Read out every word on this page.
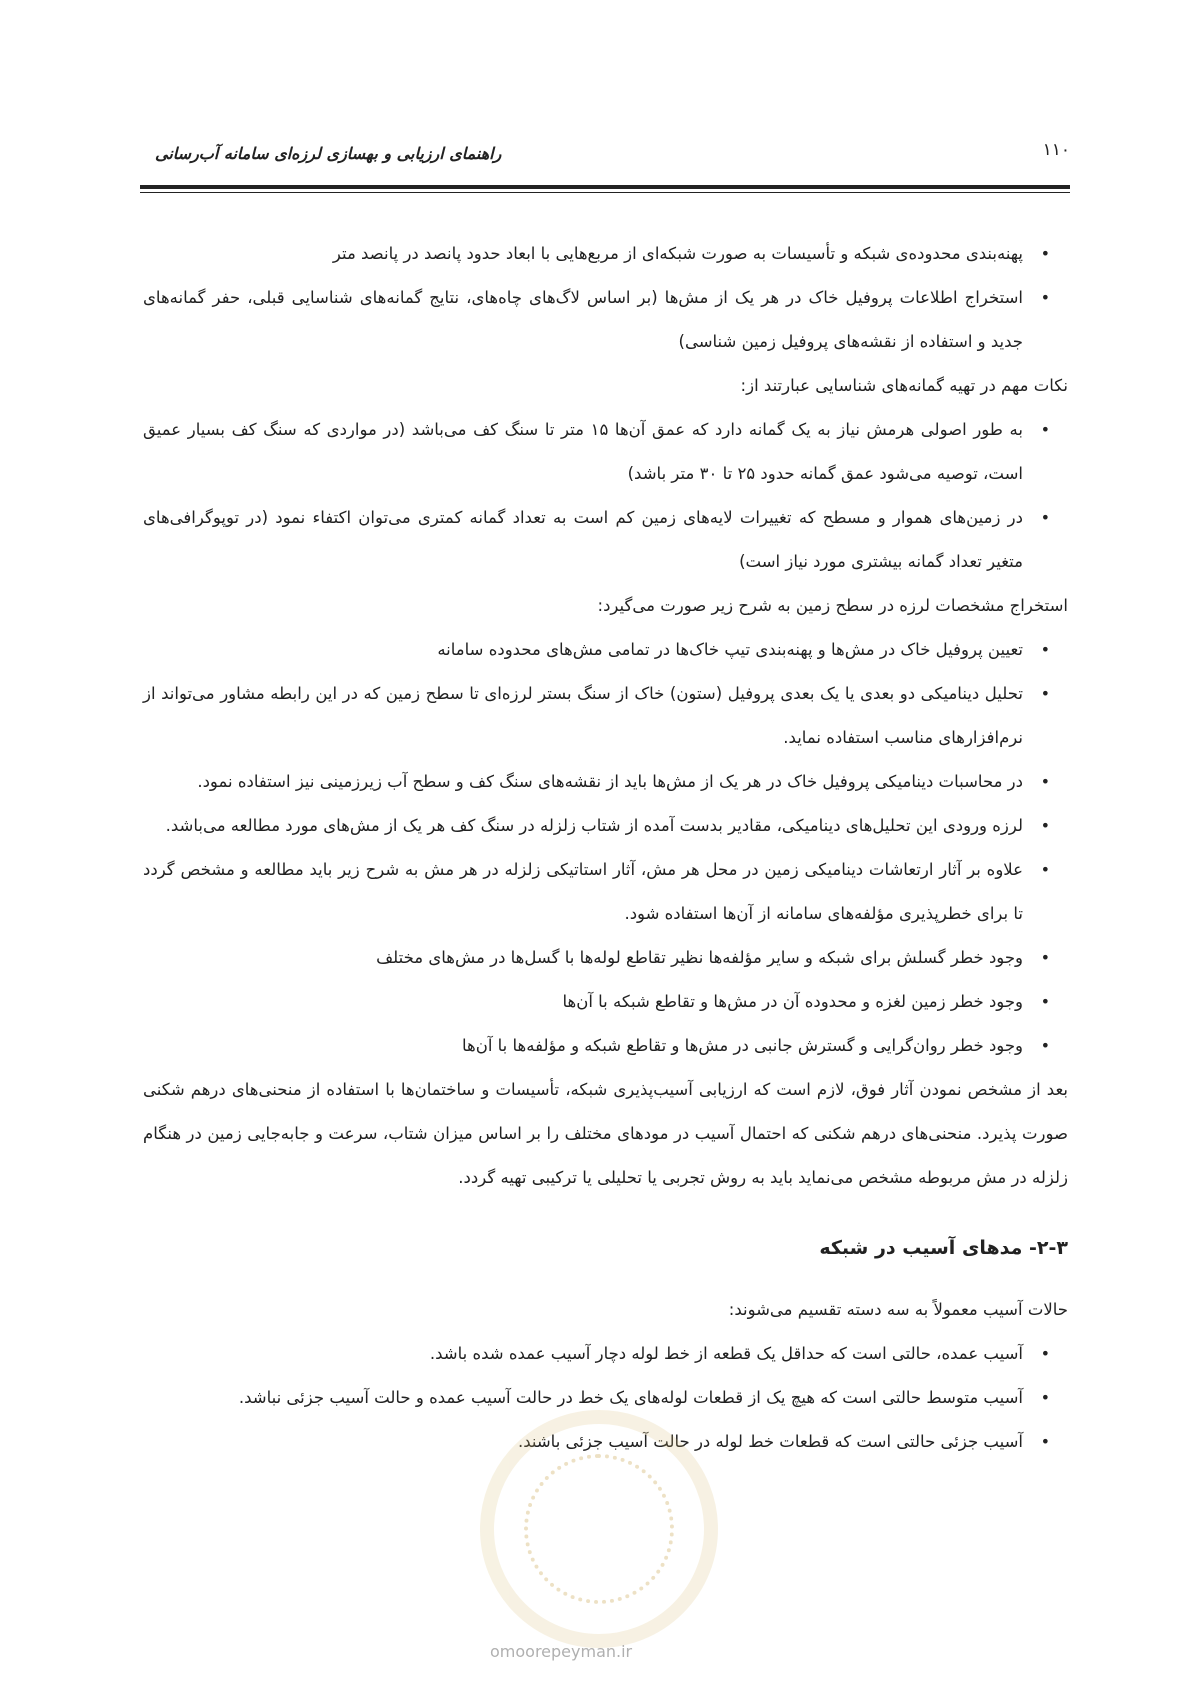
۱۱۰
راهنمای ارزیابی و بهسازی لرزه‌ای سامانه آب‌رسانی
• پهنه‌بندی محدوده‌ی شبکه و تأسیسات به صورت شبکه‌ای از مربع‌هایی با ابعاد حدود پانصد در پانصد متر
• استخراج اطلاعات پروفیل خاک در هر یک از مش‌ها (بر اساس لاگ‌های چاه‌های، نتایج گمانه‌های شناسایی قبلی، حفر گمانه‌های جدید و استفاده از نقشه‌های پروفیل زمین شناسی)

نکات مهم در تهیه گمانه‌های شناسایی عبارتند از:

• به طور اصولی هرمش نیاز به یک گمانه دارد که عمق آن‌ها ۱۵ متر تا سنگ کف می‌باشد (در مواردی که سنگ کف بسیار عمیق است، توصیه می‌شود عمق گمانه حدود ۲۵ تا ۳۰ متر باشد)
• در زمین‌های هموار و مسطح که تغییرات لایه‌های زمین کم است به تعداد گمانه کمتری می‌توان اکتفاء نمود (در توپوگرافی‌های متغیر تعداد گمانه بیشتری مورد نیاز است)

استخراج مشخصات لرزه در سطح زمین به شرح زیر صورت می‌گیرد:

• تعیین پروفیل خاک در مش‌ها و پهنه‌بندی تیپ خاک‌ها در تمامی مش‌های محدوده سامانه
• تحلیل دینامیکی دو بعدی یا یک بعدی پروفیل (ستون) خاک از سنگ بستر لرزه‌ای تا سطح زمین که در این رابطه مشاور می‌تواند از نرم‌افزارهای مناسب استفاده نماید.
• در محاسبات دینامیکی پروفیل خاک در هر یک از مش‌ها باید از نقشه‌های سنگ کف و سطح آب زیرزمینی نیز استفاده نمود.
• لرزه ورودی این تحلیل‌های دینامیکی، مقادیر بدست آمده از شتاب زلزله در سنگ کف هر یک از مش‌های مورد مطالعه می‌باشد.
• علاوه بر آثار ارتعاشات دینامیکی زمین در محل هر مش، آثار استاتیکی زلزله در هر مش به شرح زیر باید مطالعه و مشخص گردد تا برای خطرپذیری مؤلفه‌های سامانه از آن‌ها استفاده شود.
• وجود خطر گسلش برای شبکه و سایر مؤلفه‌ها نظیر تقاطع لوله‌ها با گسل‌ها در مش‌های مختلف
• وجود خطر زمین لغزه و محدوده آن در مش‌ها و تقاطع شبکه با آن‌ها
• وجود خطر روان‌گرایی و گسترش جانبی در مش‌ها و تقاطع شبکه و مؤلفه‌ها با آن‌ها

بعد از مشخص نمودن آثار فوق، لازم است که ارزیابی آسیب‌پذیری شبکه، تأسیسات و ساختمان‌ها با استفاده از منحنی‌های درهم شکنی صورت پذیرد. منحنی‌های درهم شکنی که احتمال آسیب در مودهای مختلف را بر اساس میزان شتاب، سرعت و جابه‌جایی زمین در هنگام زلزله در مش مربوطه مشخص می‌نماید باید به روش تجربی یا تحلیلی یا ترکیبی تهیه گردد.

۲-۳- مدهای آسیب در شبکه

حالات آسیب معمولاً به سه دسته تقسیم می‌شوند:

• آسیب عمده، حالتی است که حداقل یک قطعه از خط لوله دچار آسیب عمده شده باشد.
• آسیب متوسط حالتی است که هیچ یک از قطعات لوله‌های یک خط در حالت آسیب عمده و حالت آسیب جزئی نباشد.
• آسیب جزئی حالتی است که قطعات خط لوله در حالت آسیب جزئی باشند.
omoorepeyman.ir
